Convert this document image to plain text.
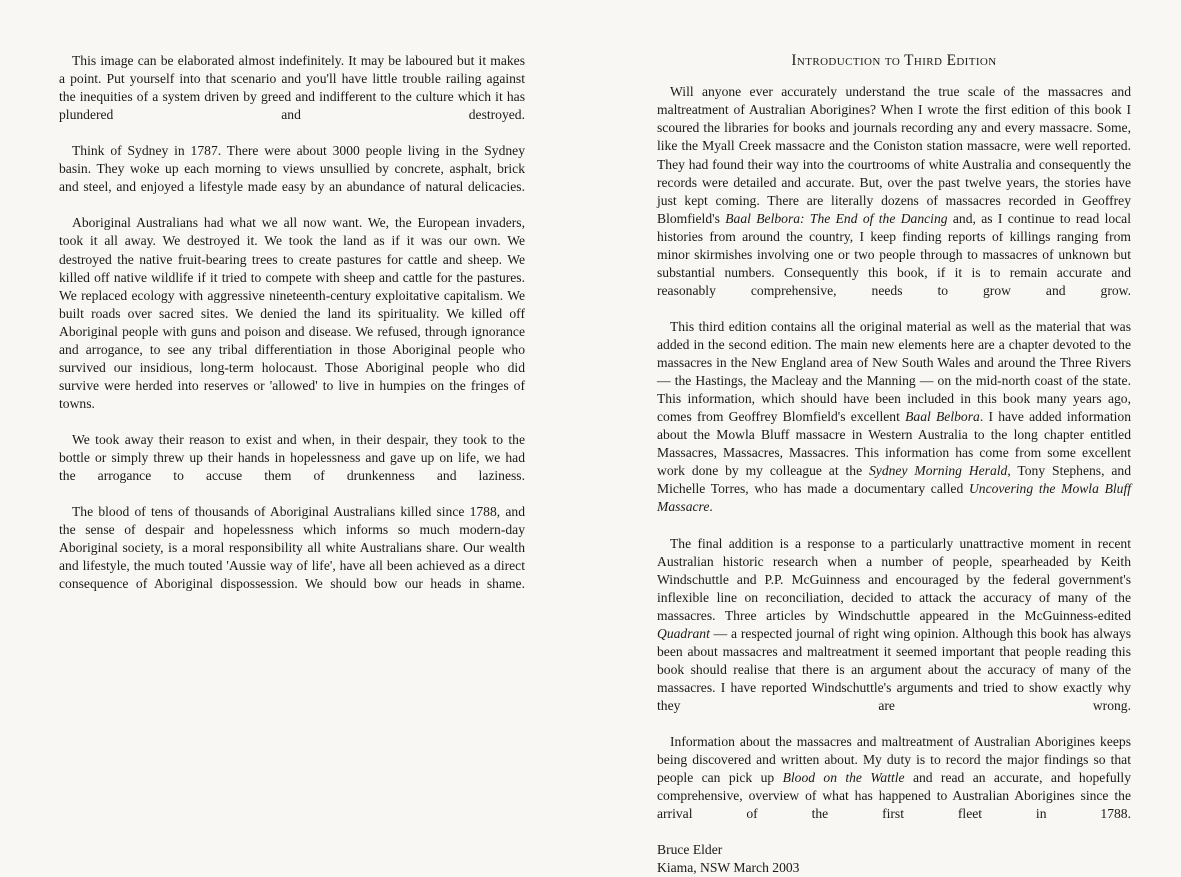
This image can be elaborated almost indefinitely. It may be laboured but it makes a point. Put yourself into that scenario and you'll have little trouble railing against the inequities of a system driven by greed and indifferent to the culture which it has plundered and destroyed.

Think of Sydney in 1787. There were about 3000 people living in the Sydney basin. They woke up each morning to views unsullied by concrete, asphalt, brick and steel, and enjoyed a lifestyle made easy by an abundance of natural delicacies.

Aboriginal Australians had what we all now want. We, the European invaders, took it all away. We destroyed it. We took the land as if it was our own. We destroyed the native fruit-bearing trees to create pastures for cattle and sheep. We killed off native wildlife if it tried to compete with sheep and cattle for the pastures. We replaced ecology with aggressive nineteenth-century exploitative capitalism. We built roads over sacred sites. We denied the land its spirituality. We killed off Aboriginal people with guns and poison and disease. We refused, through ignorance and arrogance, to see any tribal differentiation in those Aboriginal people who survived our insidious, long-term holocaust. Those Aboriginal people who did survive were herded into reserves or 'allowed' to live in humpies on the fringes of towns.

We took away their reason to exist and when, in their despair, they took to the bottle or simply threw up their hands in hopelessness and gave up on life, we had the arrogance to accuse them of drunkenness and laziness.

The blood of tens of thousands of Aboriginal Australians killed since 1788, and the sense of despair and hopelessness which informs so much modern-day Aboriginal society, is a moral responsibility all white Australians share. Our wealth and lifestyle, the much touted 'Aussie way of life', have all been achieved as a direct consequence of Aboriginal dispossession. We should bow our heads in shame.

Introduction to Third Edition

Will anyone ever accurately understand the true scale of the massacres and maltreatment of Australian Aborigines? When I wrote the first edition of this book I scoured the libraries for books and journals recording any and every massacre. Some, like the Myall Creek massacre and the Coniston station massacre, were well reported. They had found their way into the courtrooms of white Australia and consequently the records were detailed and accurate. But, over the past twelve years, the stories have just kept coming. There are literally dozens of massacres recorded in Geoffrey Blomfield's Baal Belbora: The End of the Dancing and, as I continue to read local histories from around the country, I keep finding reports of killings ranging from minor skirmishes involving one or two people through to massacres of unknown but substantial numbers. Consequently this book, if it is to remain accurate and reasonably comprehensive, needs to grow and grow.

This third edition contains all the original material as well as the material that was added in the second edition. The main new elements here are a chapter devoted to the massacres in the New England area of New South Wales and around the Three Rivers — the Hastings, the Macleay and the Manning — on the mid-north coast of the state. This information, which should have been included in this book many years ago, comes from Geoffrey Blomfield's excellent Baal Belbora. I have added information about the Mowla Bluff massacre in Western Australia to the long chapter entitled Massacres, Massacres, Massacres. This information has come from some excellent work done by my colleague at the Sydney Morning Herald, Tony Stephens, and Michelle Torres, who has made a documentary called Uncovering the Mowla Bluff Massacre.

The final addition is a response to a particularly unattractive moment in recent Australian historic research when a number of people, spearheaded by Keith Windschuttle and P.P. McGuinness and encouraged by the federal government's inflexible line on reconciliation, decided to attack the accuracy of many of the massacres. Three articles by Windschuttle appeared in the McGuinness-edited Quadrant — a respected journal of right wing opinion. Although this book has always been about massacres and maltreatment it seemed important that people reading this book should realise that there is an argument about the accuracy of many of the massacres. I have reported Windschuttle's arguments and tried to show exactly why they are wrong.

Information about the massacres and maltreatment of Australian Aborigines keeps being discovered and written about. My duty is to record the major findings so that people can pick up Blood on the Wattle and read an accurate, and hopefully comprehensive, overview of what has happened to Australian Aborigines since the arrival of the first fleet in 1788.

Bruce Elder

Kiama, NSW March 2003
